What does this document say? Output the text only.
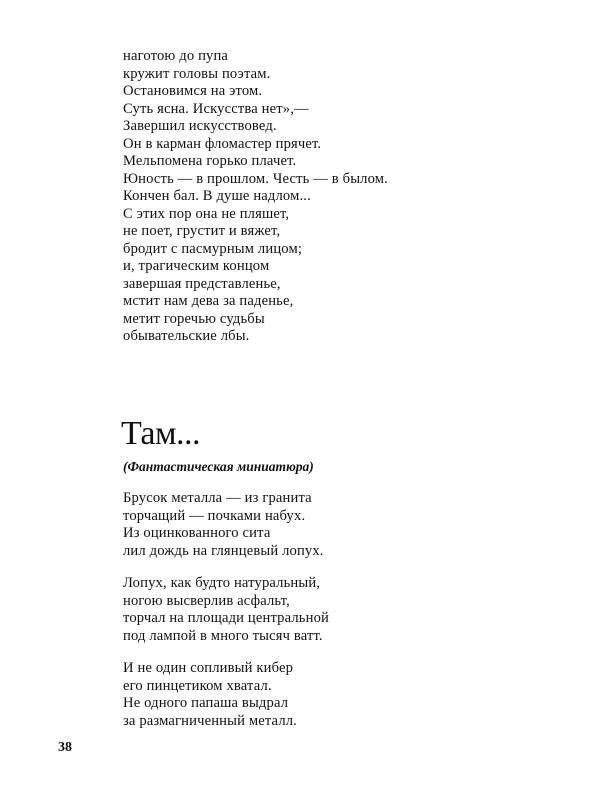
наготою до пупа
кружит головы поэтам.
Остановимся на этом.
Суть ясна. Искусства нет»,—
Завершил искусствовед.
Он в карман фломастер прячет.
Мельпомена горько плачет.
Юность — в прошлом. Честь — в былом.
Кончен бал. В душе надлом...
С этих пор она не пляшет,
не поет, грустит и вяжет,
бродит с пасмурным лицом;
и, трагическим концом
завершая представленье,
мстит нам дева за паденье,
метит горечью судьбы
обывательские лбы.
Там...
(Фантастическая миниатюра)
Брусок металла — из гранита
торчащий — почками набух.
Из оцинкованного сита
лил дождь на глянцевый лопух.
Лопух, как будто натуральный,
ногою высверлив асфальт,
торчал на площади центральной
под лампой в много тысяч ватт.
И не один сопливый кибер
его пинцетиком хватал.
Не одного папаша выдрал
за размагниченный металл.
38
